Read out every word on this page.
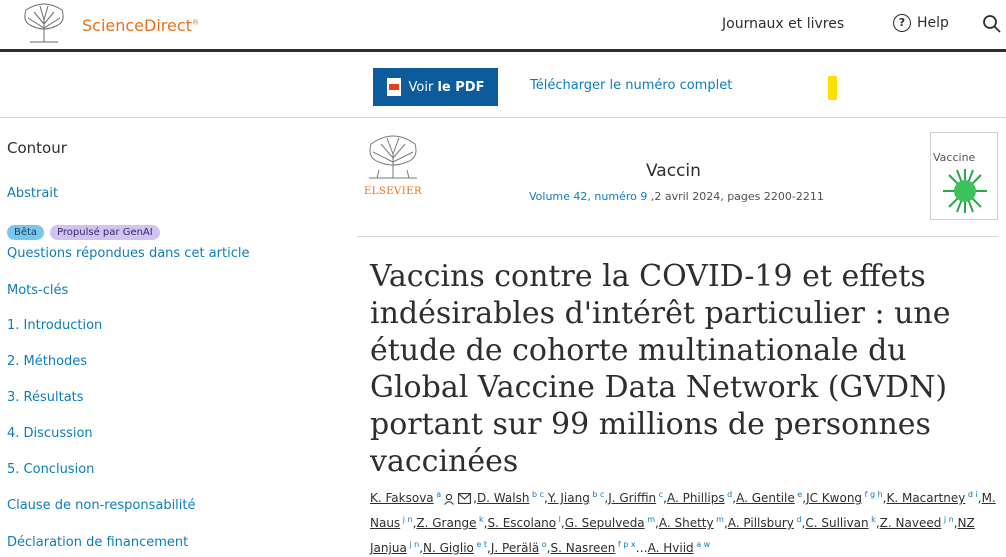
ScienceDirect®	Journaux et livres	? Help
Voir le PDF	Télécharger le numéro complet
Contour
Abstrait
Bêta	Propulsé par GenAI
Questions répondues dans cet article
Mots-clés
1. Introduction
2. Méthodes
3. Résultats
4. Discussion
5. Conclusion
Clause de non-responsabilité
Déclaration de financement
ELSEVIER
Vaccin
Volume 42, numéro 9 ,2 avril 2024, pages 2200-2211
Vaccine
Vaccins contre la COVID-19 et effets indésirables d'intérêt particulier : une étude de cohorte multinationale du Global Vaccine Data Network (GVDN) portant sur 99 millions de personnes vaccinées
K. Faksova $^a$	,D. Walsh $^{b c}$,Y. Jiang $^{b c}$,J. Griffin $^c$,A. Phillips $^d$,A. Gentile $^e$,JC Kwong $^{f g h}$,K. Macartney $^{d i}$,M. Naus $^{j n}$,Z. Grange $^k$,S. Escolano $^l$,G. Sepulveda $^m$,A. Shetty $^m$,A. Pillsbury $^d$,C. Sullivan $^k$,Z. Naveed $^{j n}$,NZ Janjua $^{j n}$,N. Giglio $^{e t}$,J. Perälä $^o$,S. Nasreen $^{f p x}$…A. Hviid $^{a w}$
